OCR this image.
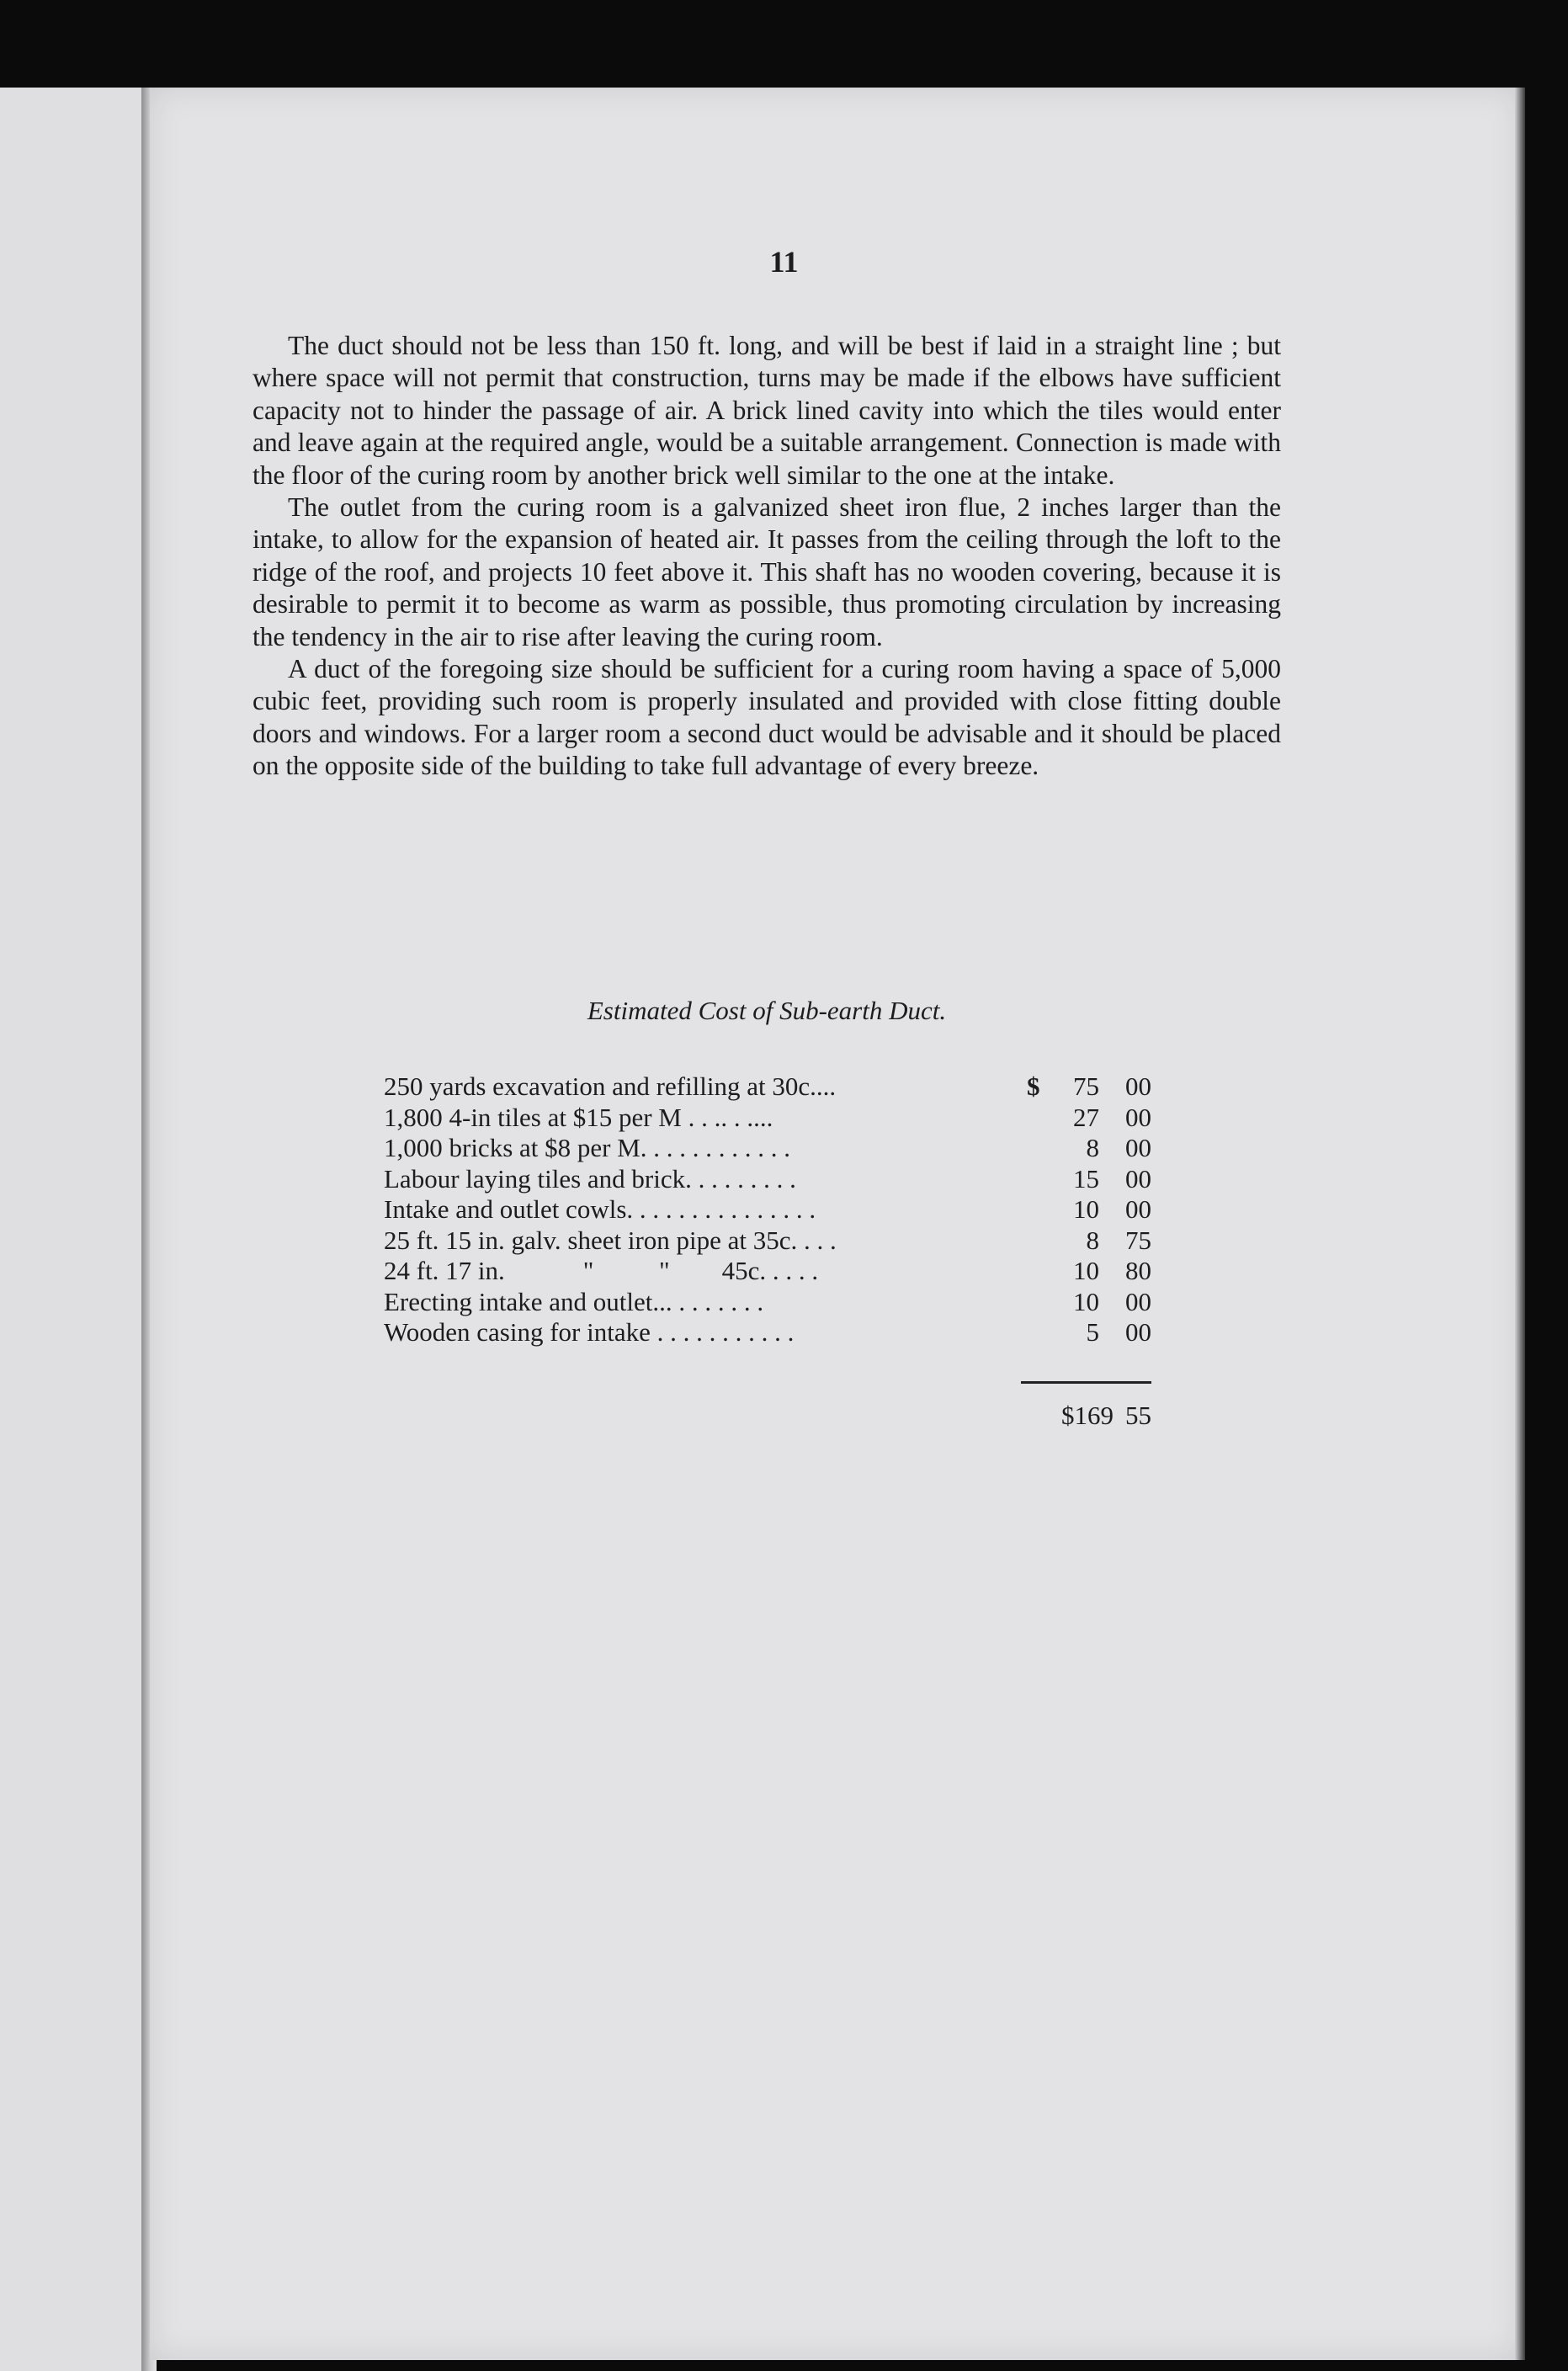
11

The duct should not be less than 150 ft. long, and will be best if laid in a straight line ; but where space will not permit that construction, turns may be made if the elbows have sufficient capacity not to hinder the passage of air. A brick lined cavity into which the tiles would enter and leave again at the required angle, would be a suitable arrangement. Connection is made with the floor of the curing room by another brick well similar to the one at the intake.

The outlet from the curing room is a galvanized sheet iron flue, 2 inches larger than the intake, to allow for the expansion of heated air. It passes from the ceiling through the loft to the ridge of the roof, and projects 10 feet above it. This shaft has no wooden covering, because it is desirable to permit it to become as warm as possible, thus promoting circulation by increasing the tendency in the air to rise after leaving the curing room.

A duct of the foregoing size should be sufficient for a curing room having a space of 5,000 cubic feet, providing such room is properly insulated and provided with close fitting double doors and windows. For a larger room a second duct would be advisable and it should be placed on the opposite side of the building to take full advantage of every breeze.

Estimated Cost of Sub-earth Duct.
250 yards excavation and refilling at 30c....	$	75	00
1,800 4-in tiles at $15 per M . . .. . ....	27	00
1,000 bricks at $8 per M. . . . . . . . . . . .	8	00
Labour laying tiles and brick. . . . . . . . .	15	00
Intake and outlet cowls. . . . . . . . . . . . . . .	10	00
25 ft. 15 in. galv. sheet iron pipe at 35c. . . .	8	75
24 ft. 17 in.            "          "        45c. . . . .	10	80
Erecting intake and outlet... . . . . . . .	10	00
Wooden casing for intake . . . . . . . . . . .	5	00
$169 55
